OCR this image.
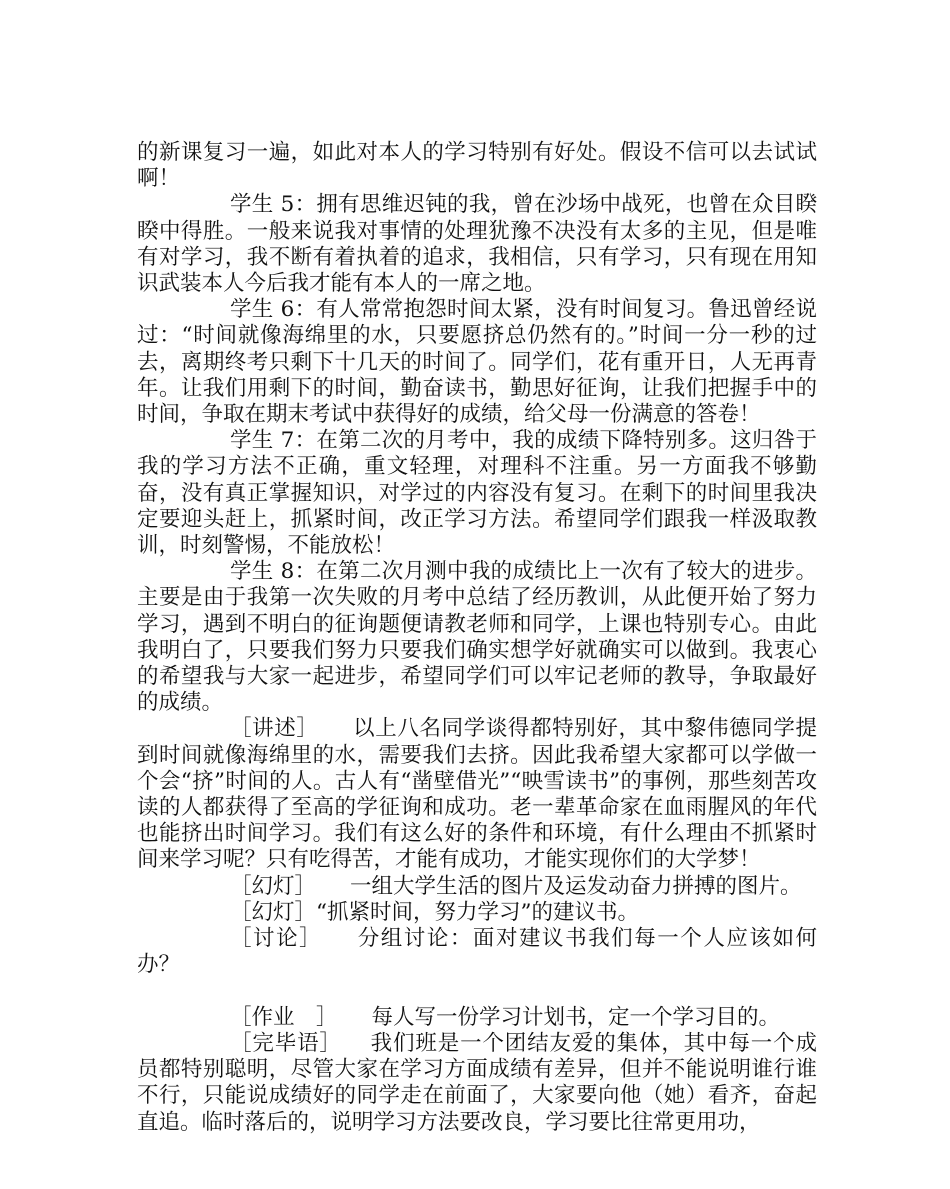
的新课复习一遍，如此对本人的学习特别有好处。假设不信可以去试试啊！

学生 5：拥有思维迟钝的我，曾在沙场中战死，也曾在众目睽睽中得胜。一般来说我对事情的处理犹豫不决没有太多的主见，但是唯有对学习，我不断有着执着的追求，我相信，只有学习，只有现在用知识武装本人今后我才能有本人的一席之地。

学生 6：有人常常抱怨时间太紧，没有时间复习。鲁迅曾经说过：“时间就像海绵里的水，只要愿挤总仍然有的。”时间一分一秒的过去，离期终考只剩下十几天的时间了。同学们，花有重开日，人无再青年。让我们用剩下的时间，勤奋读书，勤思好征询，让我们把握手中的时间，争取在期末考试中获得好的成绩，给父母一份满意的答卷！

学生 7：在第二次的月考中，我的成绩下降特别多。这归咎于我的学习方法不正确，重文轻理，对理科不注重。另一方面我不够勤奋，没有真正掌握知识，对学过的内容没有复习。在剩下的时间里我决定要迎头赶上，抓紧时间，改正学习方法。希望同学们跟我一样汲取教训，时刻警惕，不能放松！

学生 8：在第二次月测中我的成绩比上一次有了较大的进步。主要是由于我第一次失败的月考中总结了经历教训，从此便开始了努力学习，遇到不明白的征询题便请教老师和同学，上课也特别专心。由此我明白了，只要我们努力只要我们确实想学好就确实可以做到。我衷心的希望我与大家一起进步，希望同学们可以牢记老师的教导，争取最好的成绩。

［讲述］ 以上八名同学谈得都特别好，其中黎伟德同学提到时间就像海绵里的水，需要我们去挤。因此我希望大家都可以学做一个会“挤”时间的人。古人有“凿壁借光”“映雪读书”的事例，那些刻苦攻读的人都获得了至高的学征询和成功。老一辈革命家在血雨腥风的年代也能挤出时间学习。我们有这么好的条件和环境，有什么理由不抓紧时间来学习呢？只有吃得苦，才能有成功，才能实现你们的大学梦！

［幻灯］ 一组大学生活的图片及运发动奋力拼搏的图片。

［幻灯］“抓紧时间，努力学习”的建议书。

［讨论］ 分组讨论：面对建议书我们每一个人应该如何办？

［作业　］ 每人写一份学习计划书，定一个学习目的。

［完毕语］ 我们班是一个团结友爱的集体，其中每一个成员都特别聪明，尽管大家在学习方面成绩有差异，但并不能说明谁行谁不行，只能说成绩好的同学走在前面了，大家要向他（她）看齐，奋起直追。临时落后的，说明学习方法要改良，学习要比往常更用功，
